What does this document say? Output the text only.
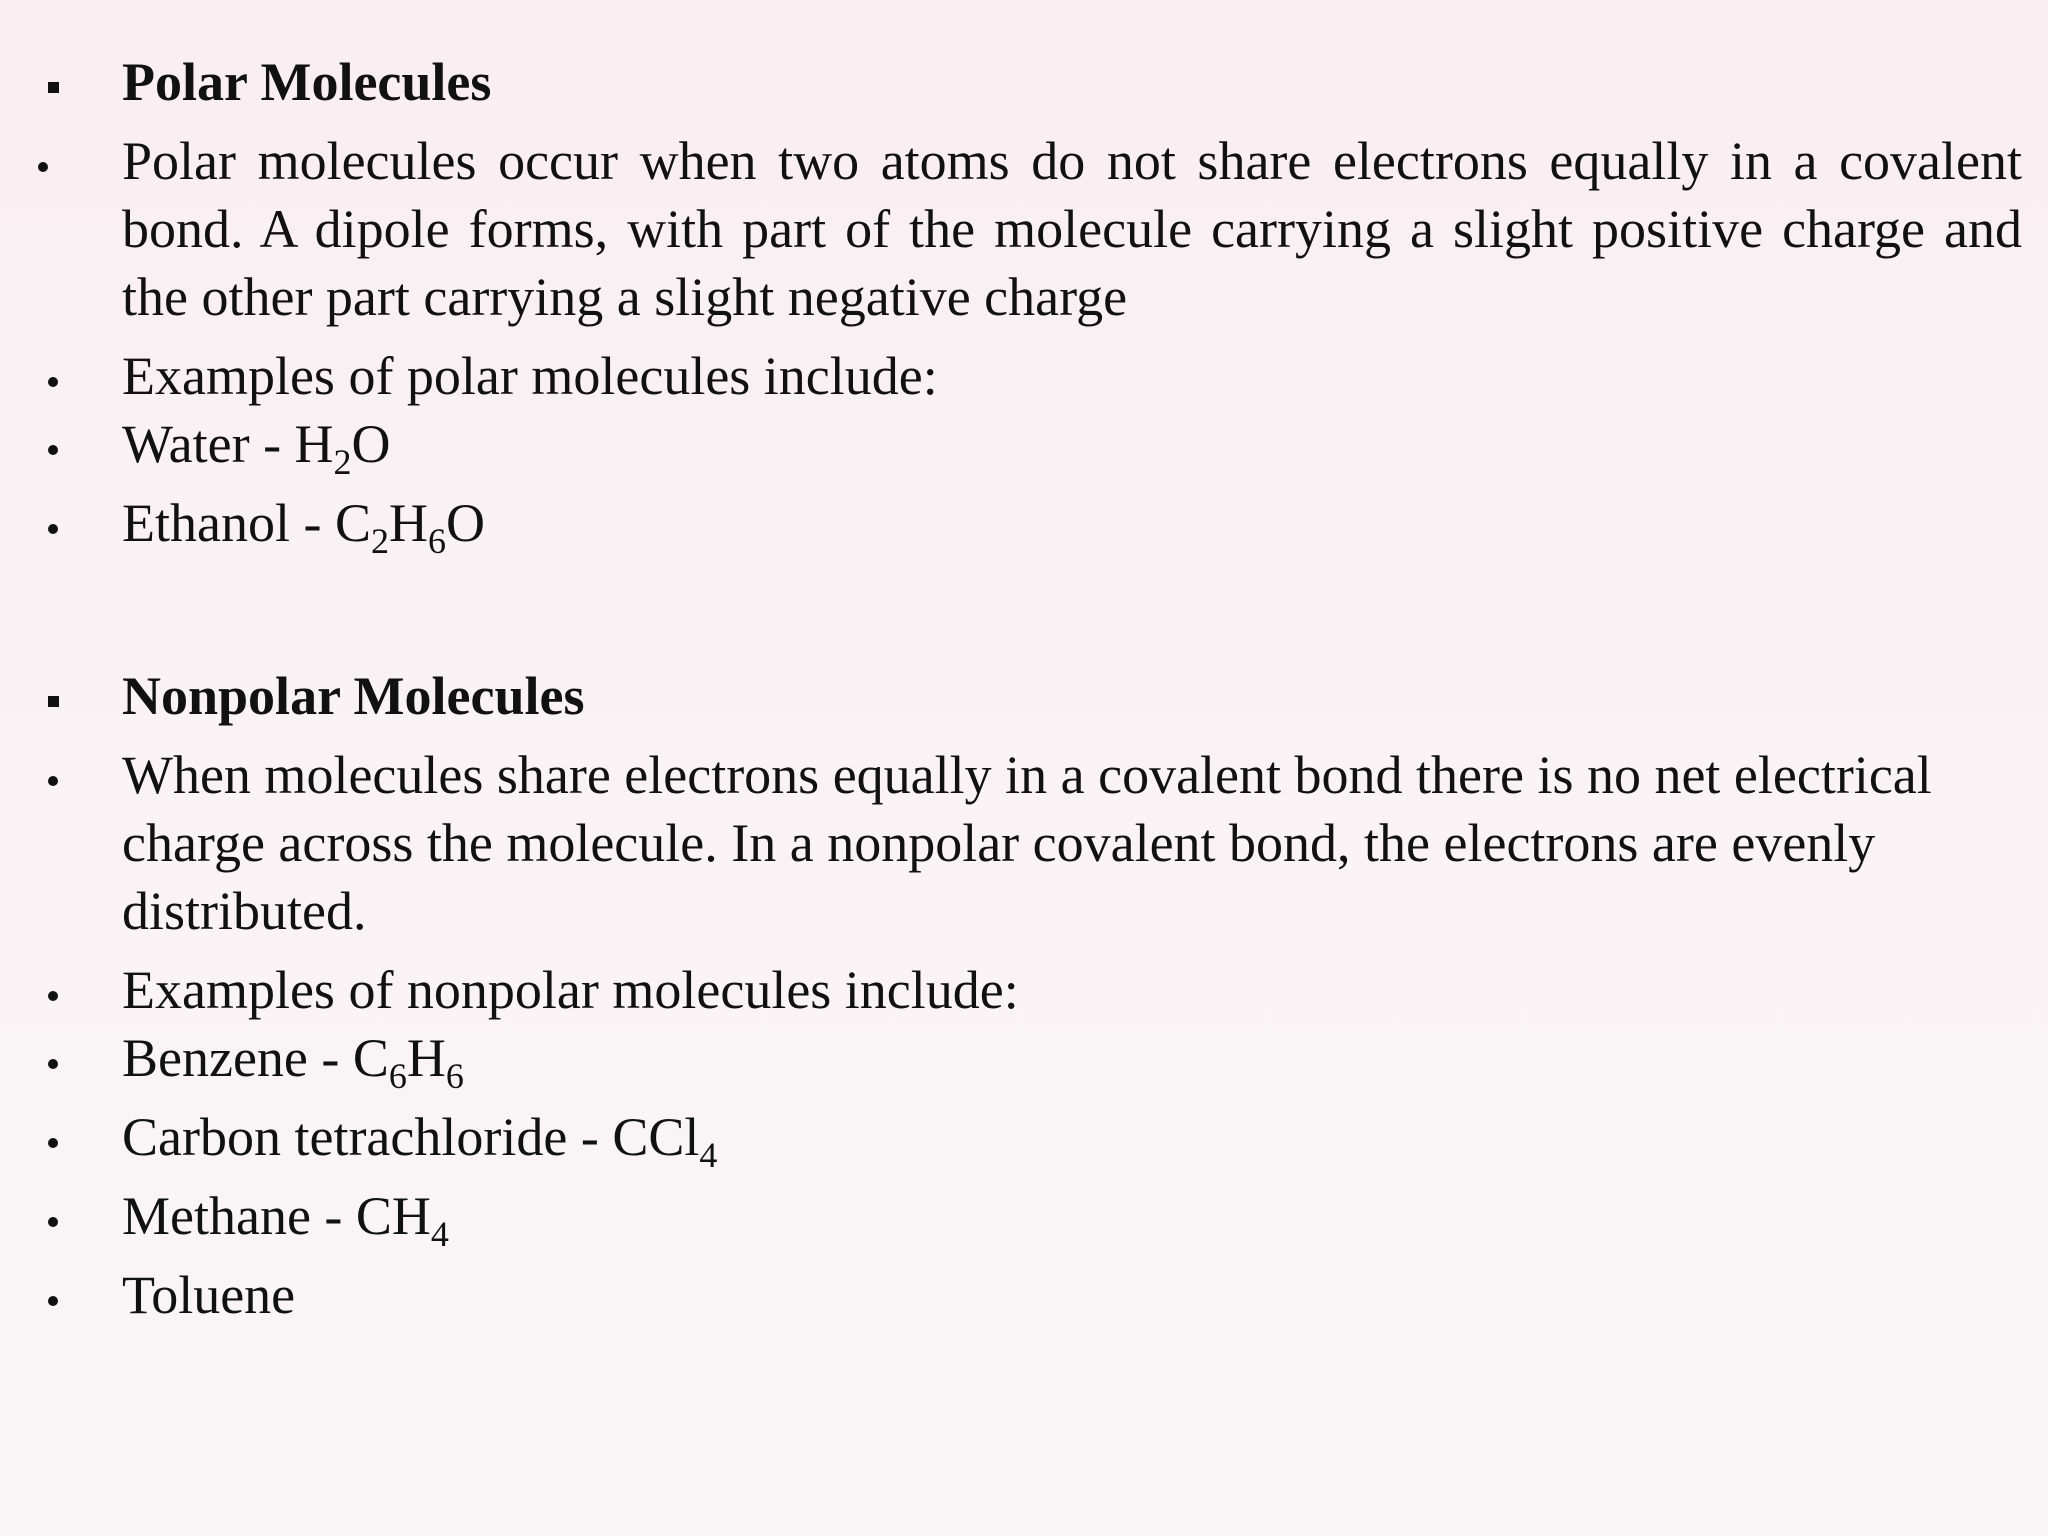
Polar Molecules
Polar molecules occur when two atoms do not share electrons equally in a covalent bond. A dipole forms, with part of the molecule carrying a slight positive charge and the other part carrying a slight negative charge
Examples of polar molecules include:
Water - $H_2O$
Ethanol - $C_2H_6O$
Nonpolar Molecules
When molecules share electrons equally in a covalent bond there is no net electrical charge across the molecule. In a nonpolar covalent bond, the electrons are evenly distributed.
Examples of nonpolar molecules include:
Benzene - $C_6H_6$
Carbon tetrachloride - CCl$_4$
Methane - $CH_4$
Toluene
